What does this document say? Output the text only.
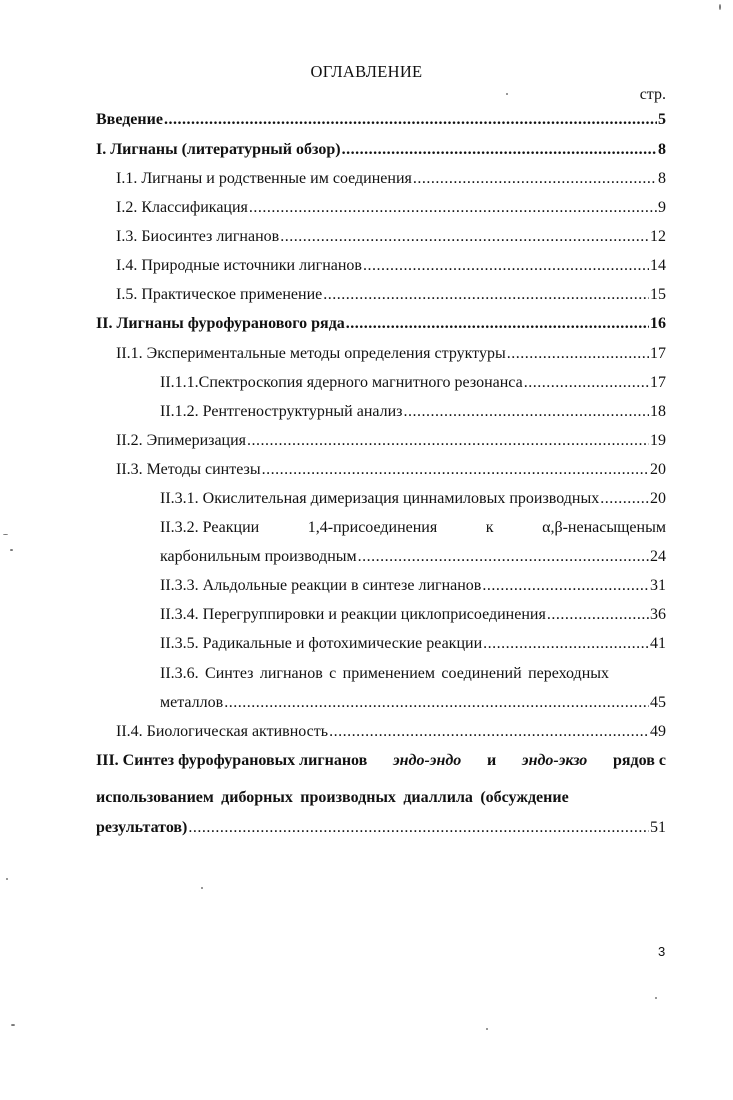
ОГЛАВЛЕНИЕ
стр.
Введение .....	5
I. Лигнаны (литературный обзор) .....	8
I.1. Лигнаны и родственные им соединения .....	8
I.2. Классификация .....	9
I.3. Биосинтез лигнанов .....	12
I.4. Природные источники лигнанов .....	14
I.5. Практическое применение .....	15
II. Лигнаны фурофуранового ряда .....	16
II.1. Экспериментальные методы определения структуры .....	17
II.1.1.Спектроскопия ядерного магнитного резонанса .....	17
II.1.2. Рентгеноструктурный анализ .....	18
II.2. Эпимеризация .....	19
II.3. Методы синтезы .....	20
II.3.1. Окислительная димеризация циннамиловых производных .....	20
II.3.2. Реакции	1,4-присоединения	к	α,β-ненасыщеным
карбонильным производным .....	24
II.3.3. Альдольные реакции в синтезе лигнанов .....	31
II.3.4. Перегруппировки и реакции циклоприсоединения .....	36
II.3.5. Радикальные и фотохимические реакции .....	41
II.3.6. Синтез лигнанов с применением соединений переходных
металлов .....	45
II.4. Биологическая активность .....	49
III. Синтез фурофурановых лигнанов эндо-эндо и эндо-экзо рядов с
использованием диборных производных диаллила (обсуждение
результатов) .....	51
3
